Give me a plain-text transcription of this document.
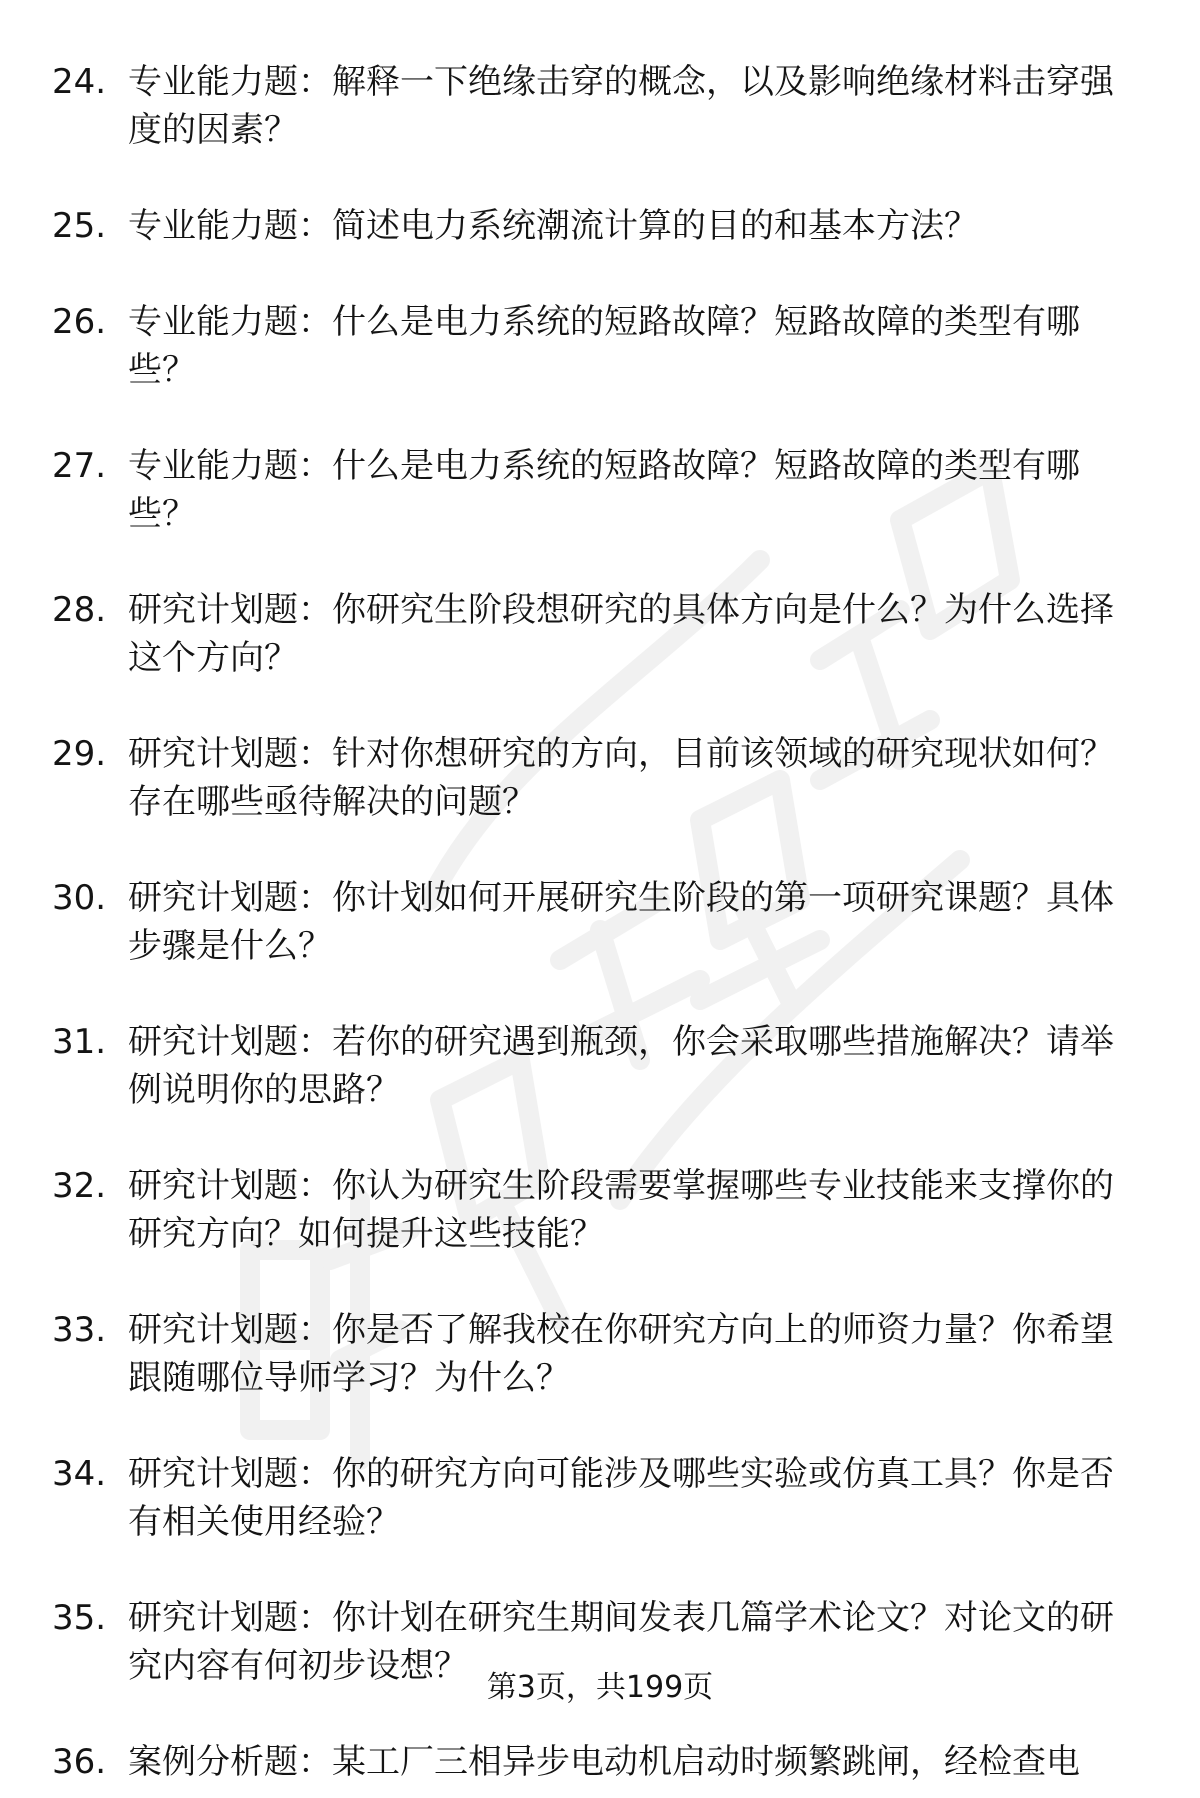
24. 专业能力题：解释一下绝缘击穿的概念，以及影响绝缘材料击穿强度的因素？
25. 专业能力题：简述电力系统潮流计算的目的和基本方法？
26. 专业能力题：什么是电力系统的短路故障？短路故障的类型有哪些？
27. 专业能力题：什么是电力系统的短路故障？短路故障的类型有哪些？
28. 研究计划题：你研究生阶段想研究的具体方向是什么？为什么选择这个方向？
29. 研究计划题：针对你想研究的方向，目前该领域的研究现状如何？存在哪些亟待解决的问题？
30. 研究计划题：你计划如何开展研究生阶段的第一项研究课题？具体步骤是什么？
31. 研究计划题：若你的研究遇到瓶颈，你会采取哪些措施解决？请举例说明你的思路？
32. 研究计划题：你认为研究生阶段需要掌握哪些专业技能来支撑你的研究方向？如何提升这些技能？
33. 研究计划题：你是否了解我校在你研究方向上的师资力量？你希望跟随哪位导师学习？为什么？
34. 研究计划题：你的研究方向可能涉及哪些实验或仿真工具？你是否有相关使用经验？
35. 研究计划题：你计划在研究生期间发表几篇学术论文？对论文的研究内容有何初步设想？
36. 案例分析题：某工厂三相异步电动机启动时频繁跳闸，经检查电
第3页，共199页
